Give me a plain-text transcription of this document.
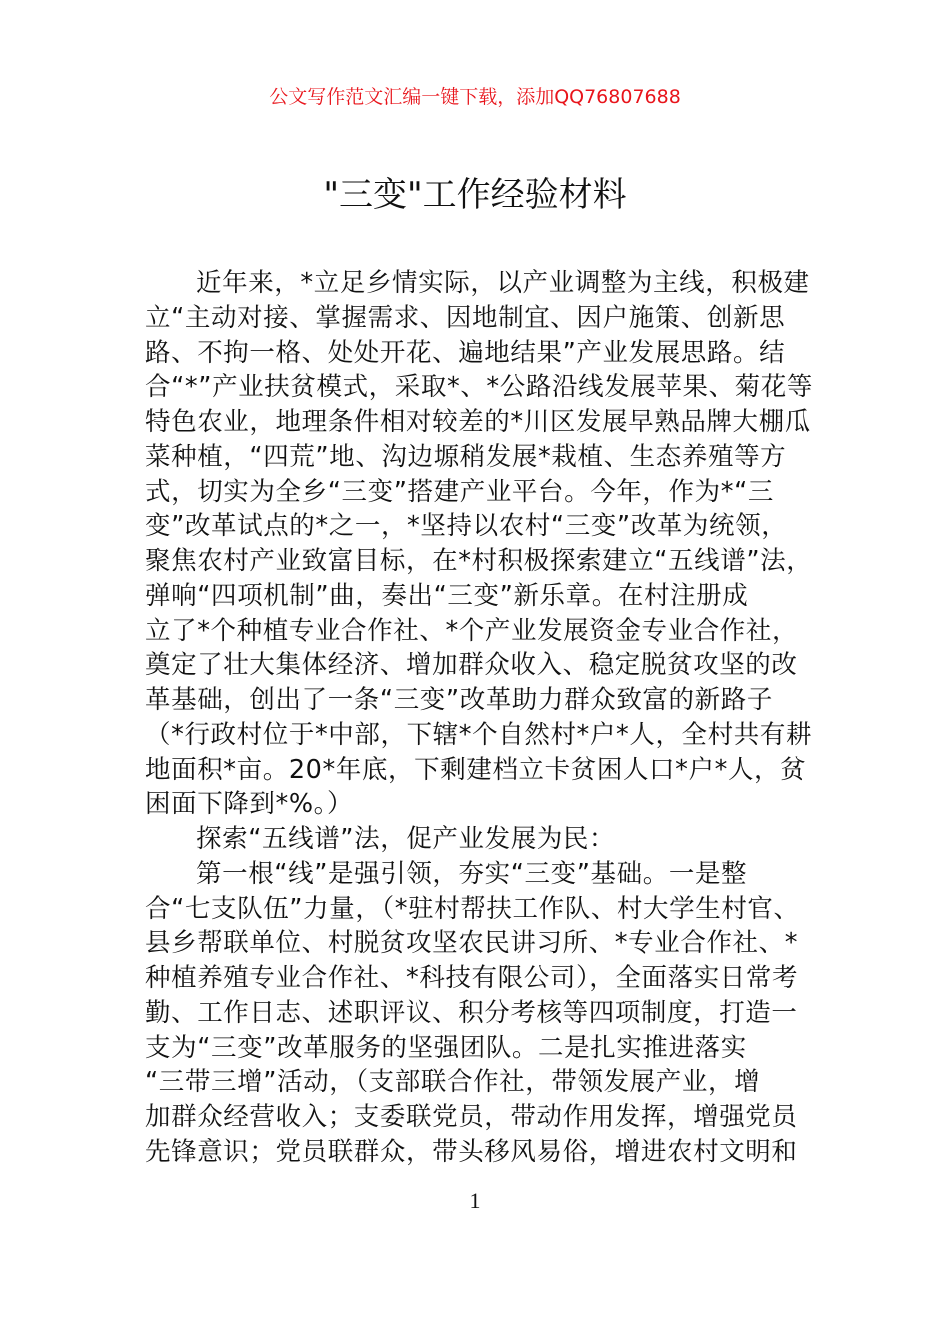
公文写作范文汇编一键下载，添加QQ76807688
"三变"工作经验材料
近年来，*立足乡情实际，以产业调整为主线，积极建
立“主动对接、掌握需求、因地制宜、因户施策、创新思
路、不拘一格、处处开花、遍地结果”产业发展思路。结
合“*”产业扶贫模式，采取*、*公路沿线发展苹果、菊花等
特色农业，地理条件相对较差的*川区发展早熟品牌大棚瓜
菜种植，“四荒”地、沟边塬稍发展*栽植、生态养殖等方
式，切实为全乡“三变”搭建产业平台。今年，作为*“三
变”改革试点的*之一，*坚持以农村“三变”改革为统领，
聚焦农村产业致富目标，在*村积极探索建立“五线谱”法，
弹响“四项机制”曲，奏出“三变”新乐章。在村注册成
立了*个种植专业合作社、*个产业发展资金专业合作社，
奠定了壮大集体经济、增加群众收入、稳定脱贫攻坚的改
革基础，创出了一条“三变”改革助力群众致富的新路子
（*行政村位于*中部，下辖*个自然村*户*人，全村共有耕
地面积*亩。20*年底，下剩建档立卡贫困人口*户*人，贫
困面下降到*%。）
探索“五线谱”法，促产业发展为民：
第一根“线”是强引领，夯实“三变”基础。一是整
合“七支队伍”力量，（*驻村帮扶工作队、村大学生村官、
县乡帮联单位、村脱贫攻坚农民讲习所、*专业合作社、*
种植养殖专业合作社、*科技有限公司），全面落实日常考
勤、工作日志、述职评议、积分考核等四项制度，打造一
支为“三变”改革服务的坚强团队。二是扎实推进落实
“三带三增”活动，（支部联合作社，带领发展产业，增
加群众经营收入；支委联党员，带动作用发挥，增强党员
先锋意识；党员联群众，带头移风易俗，增进农村文明和
1
